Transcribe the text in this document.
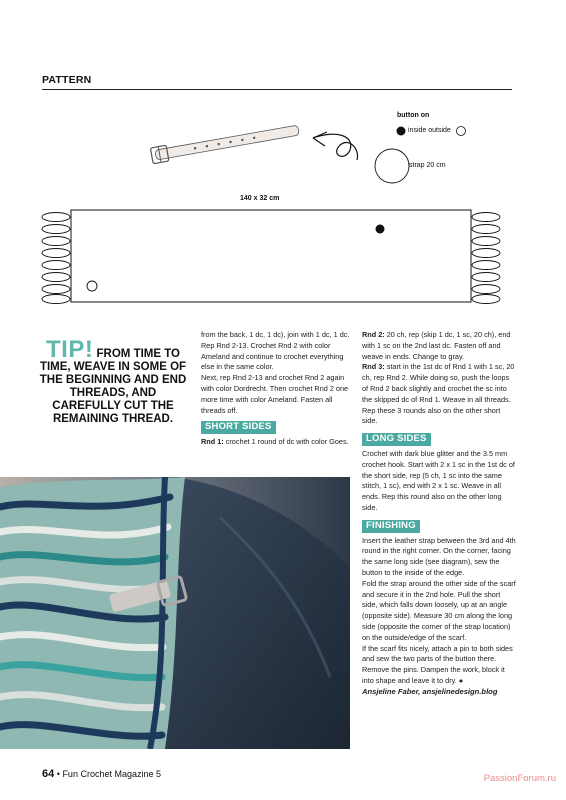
PATTERN
button on
inside outside
strap 20 cm
140 x 32 cm
TIP! FROM TIME TO TIME, WEAVE IN SOME OF THE BEGINNING AND END THREADS, AND CAREFULLY CUT THE REMAINING THREAD.

from the back, 1 dc, 1 dc), join with 1 dc, 1 dc. Rep Rnd 2-13. Crochet Rnd 2 with color Ameland and continue to crochet everything else in the same color.

Next, rep Rnd 2-13 and crochet Rnd 2 again with color Dordrecht. Then crochet Rnd 2 one more time with color Ameland. Fasten all threads off.

SHORT SIDES

Rnd 1: crochet 1 round of dc with color Goes.

Rnd 2: 20 ch, rep (skip 1 dc, 1 sc, 20 ch), end with 1 sc on the 2nd last dc. Fasten off and weave in ends. Change to gray.

Rnd 3: start in the 1st dc of Rnd 1 with 1 sc, 20 ch, rep Rnd 2. While doing so, push the loops of Rnd 2 back slightly and crochet the sc into the skipped dc of Rnd 1. Weave in all threads. Rep these 3 rounds also on the other short side.

LONG SIDES

Crochet with dark blue glitter and the 3.5 mm crochet hook. Start with 2 x 1 sc in the 1st dc of the short side, rep (5 ch, 1 sc into the same stitch, 1 sc), end with 2 x 1 sc. Weave in all ends. Rep this round also on the other long side.

FINISHING

Insert the leather strap between the 3rd and 4th round in the right corner. On the corner, facing the same long side (see diagram), sew the button to the inside of the edge.

Fold the strap around the other side of the scarf and secure it in the 2nd hole. Pull the short side, which falls down loosely, up at an angle (opposite side). Measure 30 cm along the long side (opposite the corner of the strap location) on the outside/edge of the scarf.

If the scarf fits nicely, attach a pin to both sides and sew the two parts of the button there. Remove the pins. Dampen the work, block it into shape and leave it to dry. ●

Ansjeline Faber, ansjelinedesign.blog

64 • Fun Crochet Magazine 5	PassionForum.ru
